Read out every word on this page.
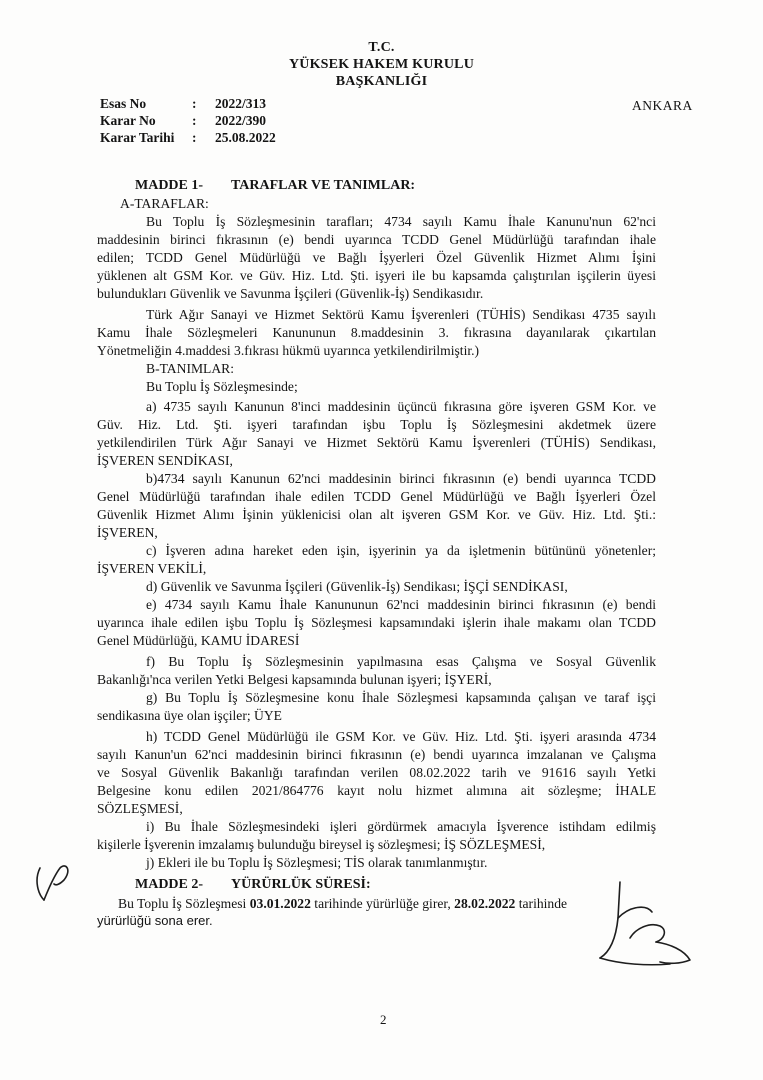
T.C.
YÜKSEK HAKEM KURULU
BAŞKANLIĞI
ANKARA
Esas No	: 2022/313
Karar No	: 2022/390
Karar Tarihi : 25.08.2022
MADDE 1- TARAFLAR VE TANIMLAR:
A-TARAFLAR:
Bu Toplu İş Sözleşmesinin tarafları; 4734 sayılı Kamu İhale Kanunu'nun 62'nci
maddesinin birinci fıkrasının (e) bendi uyarınca TCDD Genel Müdürlüğü tarafından ihale
edilen; TCDD Genel Müdürlüğü ve Bağlı İşyerleri Özel Güvenlik Hizmet Alımı İşini
yüklenen alt GSM Kor. ve Güv. Hiz. Ltd. Şti. işyeri ile bu kapsamda çalıştırılan işçilerin üyesi
bulundukları Güvenlik ve Savunma İşçileri (Güvenlik-İş) Sendikasıdır.
Türk Ağır Sanayi ve Hizmet Sektörü Kamu İşverenleri (TÜHİS) Sendikası 4735 sayılı
Kamu İhale Sözleşmeleri Kanununun 8.maddesinin 3. fıkrasına dayanılarak çıkartılan
Yönetmeliğin 4.maddesi 3.fıkrası hükmü uyarınca yetkilendirilmiştir.)
B-TANIMLAR:
Bu Toplu İş Sözleşmesinde;
a) 4735 sayılı Kanunun 8'inci maddesinin üçüncü fıkrasına göre işveren GSM Kor. ve
Güv. Hiz. Ltd. Şti. işyeri tarafından işbu Toplu İş Sözleşmesini akdetmek üzere
yetkilendirilen Türk Ağır Sanayi ve Hizmet Sektörü Kamu İşverenleri (TÜHİS) Sendikası,
İŞVEREN SENDİKASI,
b)4734 sayılı Kanunun 62'nci maddesinin birinci fıkrasının (e) bendi uyarınca TCDD
Genel Müdürlüğü tarafından ihale edilen TCDD Genel Müdürlüğü ve Bağlı İşyerleri Özel
Güvenlik Hizmet Alımı İşinin yüklenicisi olan alt işveren GSM Kor. ve Güv. Hiz. Ltd. Şti.:
İŞVEREN,
c) İşveren adına hareket eden işin, işyerinin ya da işletmenin bütününü yönetenler;
İŞVEREN VEKİLİ,
d) Güvenlik ve Savunma İşçileri (Güvenlik-İş) Sendikası; İŞÇİ SENDİKASI,
e) 4734 sayılı Kamu İhale Kanununun 62'nci maddesinin birinci fıkrasının (e) bendi
uyarınca ihale edilen işbu Toplu İş Sözleşmesi kapsamındaki işlerin ihale makamı olan TCDD
Genel Müdürlüğü, KAMU İDARESİ
f) Bu Toplu İş Sözleşmesinin yapılmasına esas Çalışma ve Sosyal Güvenlik
Bakanlığı'nca verilen Yetki Belgesi kapsamında bulunan işyeri; İŞYERİ,
g) Bu Toplu İş Sözleşmesine konu İhale Sözleşmesi kapsamında çalışan ve taraf işçi
sendikasına üye olan işçiler; ÜYE
h) TCDD Genel Müdürlüğü ile GSM Kor. ve Güv. Hiz. Ltd. Şti. işyeri arasında 4734
sayılı Kanun'un 62'nci maddesinin birinci fıkrasının (e) bendi uyarınca imzalanan ve Çalışma
ve Sosyal Güvenlik Bakanlığı tarafından verilen 08.02.2022 tarih ve 91616 sayılı Yetki
Belgesine konu edilen 2021/864776 kayıt nolu hizmet alımına ait sözleşme; İHALE
SÖZLEŞMESİ,
i) Bu İhale Sözleşmesindeki işleri gördürmek amacıyla İşverence istihdam edilmiş
kişilerle İşverenin imzalamış bulunduğu bireysel iş sözleşmesi; İŞ SÖZLEŞMESİ,
j) Ekleri ile bu Toplu İş Sözleşmesi; TİS olarak tanımlanmıştır.
MADDE 2- YÜRÜRLÜK SÜRESİ:
Bu Toplu İş Sözleşmesi 03.01.2022 tarihinde yürürlüğe girer, 28.02.2022 tarihinde
yürürlüğü sona erer.
2
